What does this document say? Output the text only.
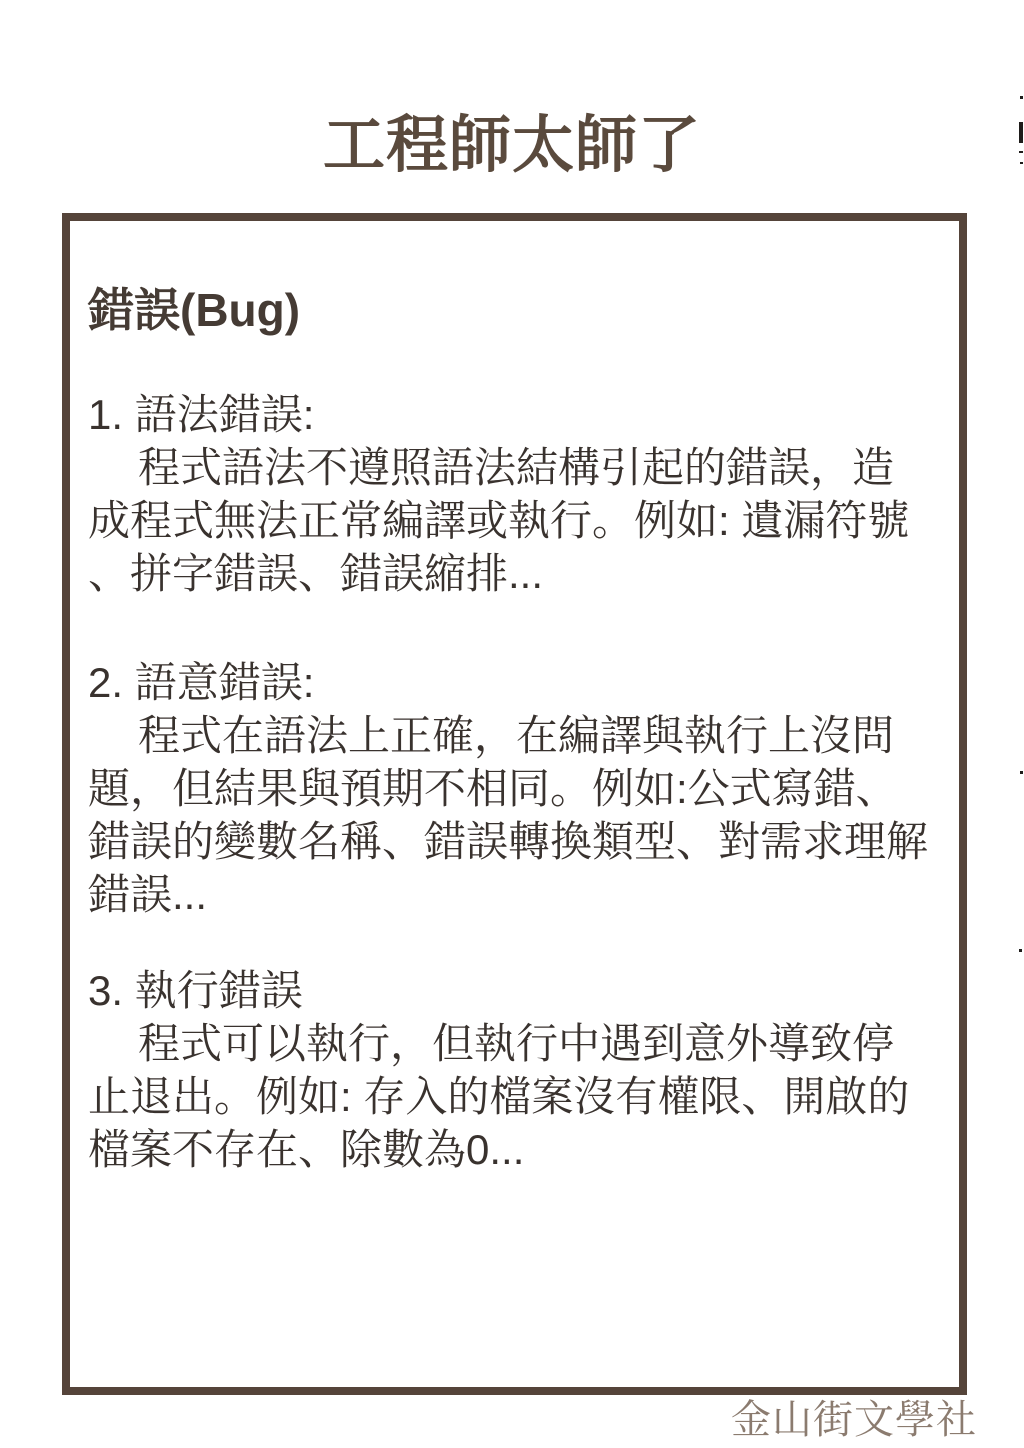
工程師太師了
錯誤(Bug)
1. 語法錯誤:
程式語法不遵照語法結構引起的錯誤，造
成程式無法正常編譯或執行。例如: 遺漏符號
、拼字錯誤、錯誤縮排...
2. 語意錯誤:
程式在語法上正確，在編譯與執行上沒問
題，但結果與預期不相同。例如:公式寫錯、
錯誤的變數名稱、錯誤轉換類型、對需求理解
錯誤...
3. 執行錯誤
程式可以執行，但執行中遇到意外導致停
止退出。例如: 存入的檔案沒有權限、開啟的
檔案不存在、除數為0...
金山街文學社
